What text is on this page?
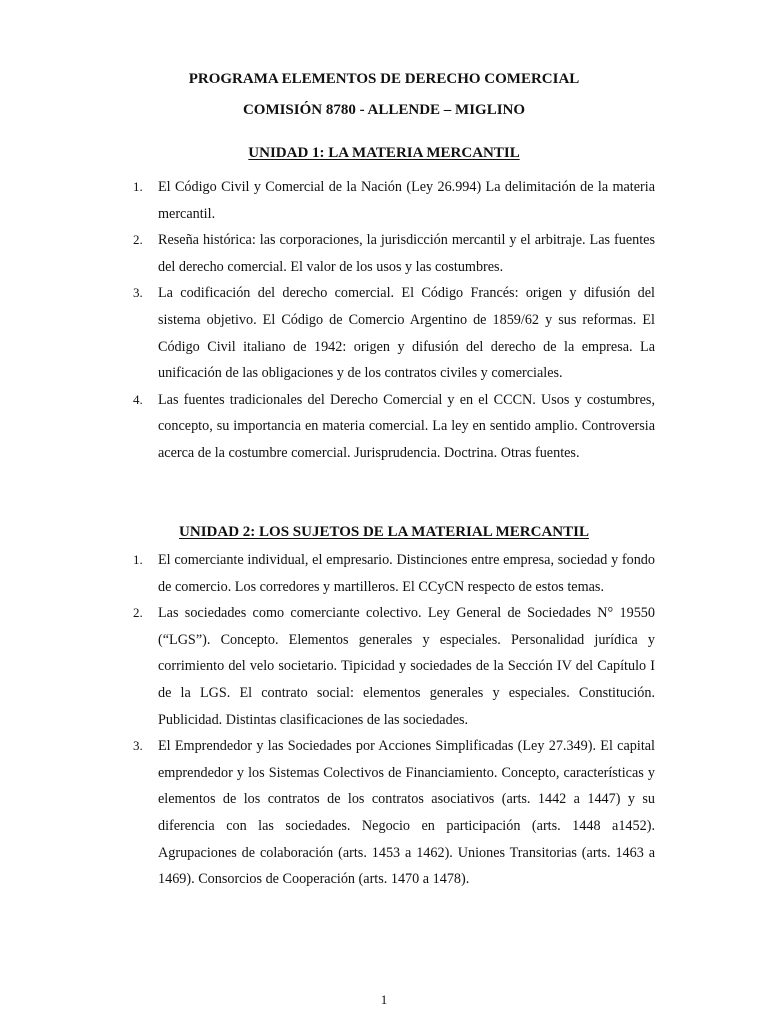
PROGRAMA ELEMENTOS DE DERECHO COMERCIAL
COMISIÓN 8780 - ALLENDE – MIGLINO
UNIDAD 1: LA MATERIA MERCANTIL
1. El Código Civil y Comercial de la Nación (Ley 26.994) La delimitación de la materia mercantil.
2. Reseña histórica: las corporaciones, la jurisdicción mercantil y el arbitraje. Las fuentes del derecho comercial. El valor de los usos y las costumbres.
3. La codificación del derecho comercial. El Código Francés: origen y difusión del sistema objetivo. El Código de Comercio Argentino de 1859/62 y sus reformas. El Código Civil italiano de 1942: origen y difusión del derecho de la empresa. La unificación de las obligaciones y de los contratos civiles y comerciales.
4. Las fuentes tradicionales del Derecho Comercial y en el CCCN. Usos y costumbres, concepto, su importancia en materia comercial. La ley en sentido amplio. Controversia acerca de la costumbre comercial. Jurisprudencia. Doctrina. Otras fuentes.
UNIDAD 2: LOS SUJETOS DE LA MATERIAL MERCANTIL
1. El comerciante individual, el empresario. Distinciones entre empresa, sociedad y fondo de comercio. Los corredores y martilleros. El CCyCN respecto de estos temas.
2. Las sociedades como comerciante colectivo. Ley General de Sociedades N° 19550 (“LGS”). Concepto. Elementos generales y especiales. Personalidad jurídica y corrimiento del velo societario. Tipicidad y sociedades de la Sección IV del Capítulo I de la LGS. El contrato social: elementos generales y especiales. Constitución. Publicidad. Distintas clasificaciones de las sociedades.
3. El Emprendedor y las Sociedades por Acciones Simplificadas (Ley 27.349). El capital emprendedor y los Sistemas Colectivos de Financiamiento. Concepto, características y elementos de los contratos de los contratos asociativos (arts. 1442 a 1447) y su diferencia con las sociedades. Negocio en participación (arts. 1448 a1452). Agrupaciones de colaboración (arts. 1453 a 1462). Uniones Transitorias (arts. 1463 a 1469). Consorcios de Cooperación (arts. 1470 a 1478).
1
